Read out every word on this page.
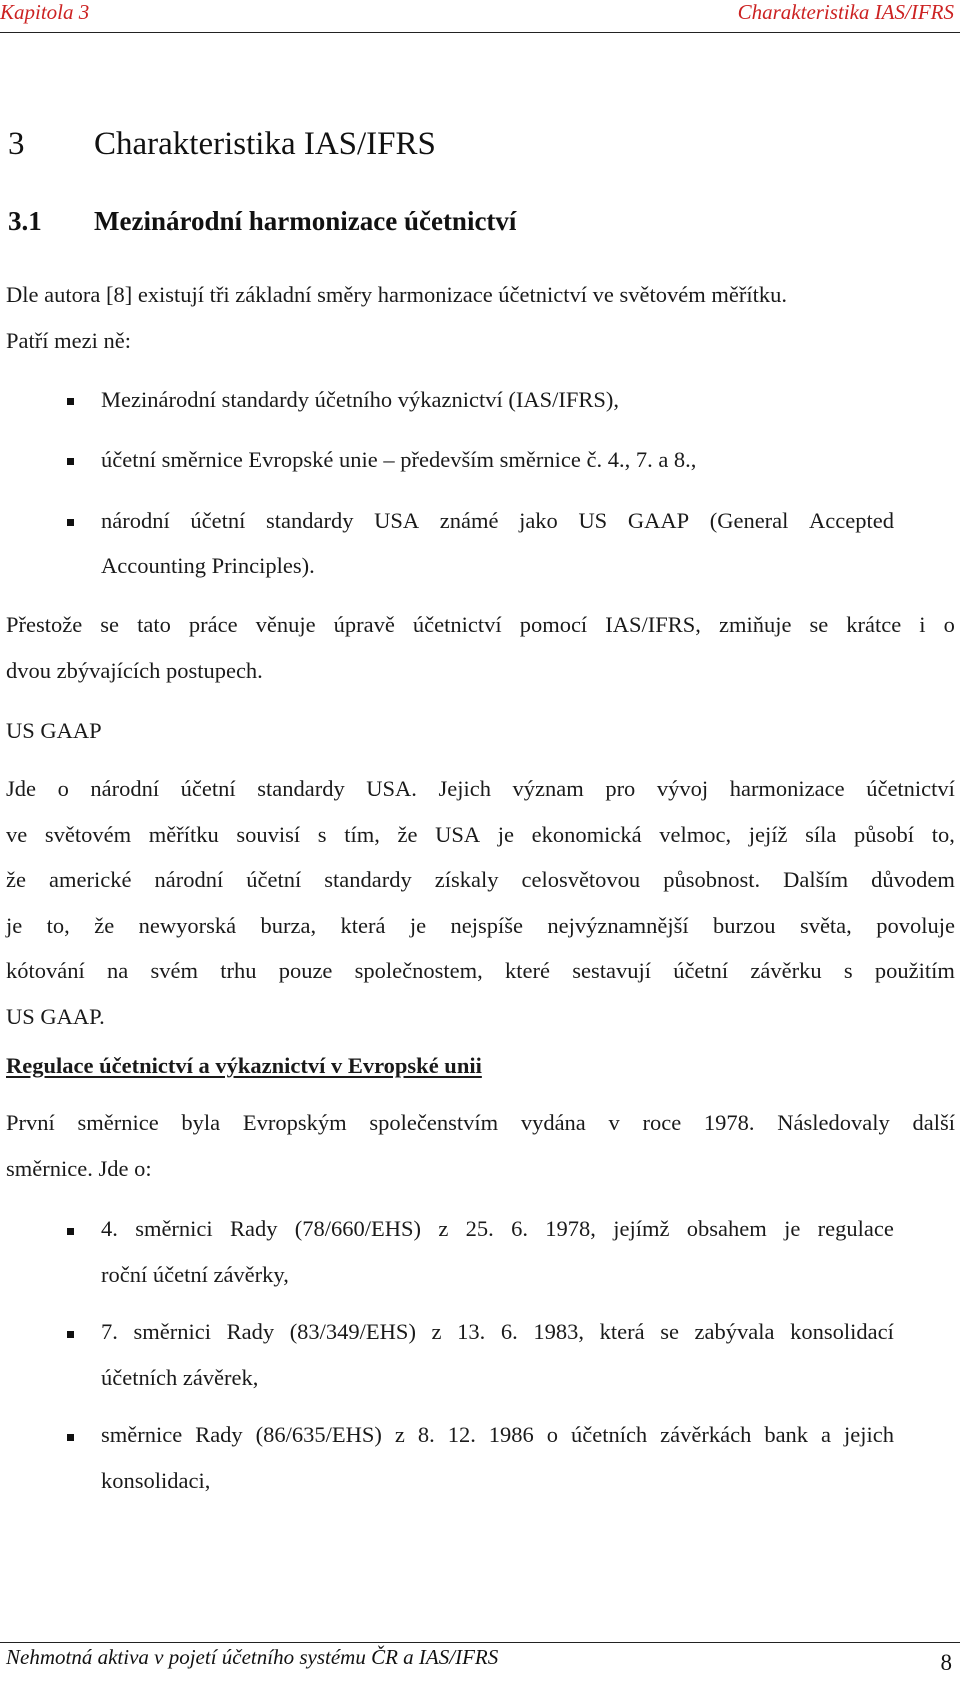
Kapitola 3	Charakteristika IAS/IFRS
3 Charakteristika IAS/IFRS
3.1 Mezinárodní harmonizace účetnictví
Dle autora [8] existují tři základní směry harmonizace účetnictví ve světovém měřítku.
Patří mezi ně:
Mezinárodní standardy účetního výkaznictví (IAS/IFRS),
účetní směrnice Evropské unie – především směrnice č. 4., 7. a 8.,
národní účetní standardy USA známé jako US GAAP (General Accepted
Accounting Principles).
Přestože se tato práce věnuje úpravě účetnictví pomocí IAS/IFRS, zmiňuje se krátce i o
dvou zbývajících postupech.
US GAAP
Jde o národní účetní standardy USA. Jejich význam pro vývoj harmonizace účetnictví
ve světovém měřítku souvisí s tím, že USA je ekonomická velmoc, jejíž síla působí to,
že americké národní účetní standardy získaly celosvětovou působnost. Dalším důvodem
je to, že newyorská burza, která je nejspíše nejvýznamnější burzou světa, povoluje
kótování na svém trhu pouze společnostem, které sestavují účetní závěrku s použitím
US GAAP.
Regulace účetnictví a výkaznictví v Evropské unii
První směrnice byla Evropským společenstvím vydána v roce 1978. Následovaly další
směrnice. Jde o:
4. směrnici Rady (78/660/EHS) z 25. 6. 1978, jejímž obsahem je regulace
roční účetní závěrky,
7. směrnici Rady (83/349/EHS) z 13. 6. 1983, která se zabývala konsolidací
účetních závěrek,
směrnice Rady (86/635/EHS) z 8. 12. 1986 o účetních závěrkách bank a jejich
konsolidaci,
Nehmotná aktiva v pojetí účetního systému ČR a IAS/IFRS	8
